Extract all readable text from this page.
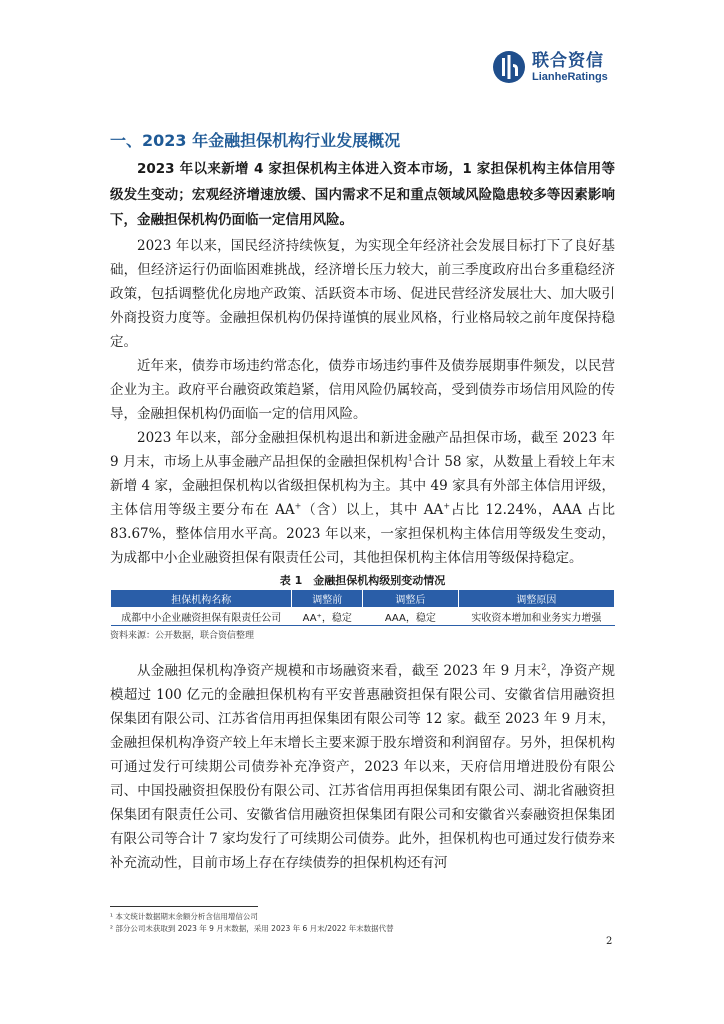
联合资信
LianheRatings
一、2023 年金融担保机构行业发展概况

2023 年以来新增 4 家担保机构主体进入资本市场，1 家担保机构主体信用等级发生变动；宏观经济增速放缓、国内需求不足和重点领域风险隐患较多等因素影响下，金融担保机构仍面临一定信用风险。

2023 年以来，国民经济持续恢复，为实现全年经济社会发展目标打下了良好基础，但经济运行仍面临困难挑战，经济增长压力较大，前三季度政府出台多重稳经济政策，包括调整优化房地产政策、活跃资本市场、促进民营经济发展壮大、加大吸引外商投资力度等。金融担保机构仍保持谨慎的展业风格，行业格局较之前年度保持稳定。

近年来，债券市场违约常态化，债券市场违约事件及债券展期事件频发，以民营企业为主。政府平台融资政策趋紧，信用风险仍属较高，受到债券市场信用风险的传导，金融担保机构仍面临一定的信用风险。

2023 年以来，部分金融担保机构退出和新进金融产品担保市场，截至 2023 年 9 月末，市场上从事金融产品担保的金融担保机构$^1$合计 58 家，从数量上看较上年末新增 4 家，金融担保机构以省级担保机构为主。其中 49 家具有外部主体信用评级，主体信用等级主要分布在 AA+（含）以上，其中 AA+占比 12.24%，AAA 占比 83.67%，整体信用水平高。2023 年以来，一家担保机构主体信用等级发生变动，为成都中小企业融资担保有限责任公司，其他担保机构主体信用等级保持稳定。

表 1　金融担保机构级别变动情况
担保机构名称	调整前	调整后	调整原因
成都中小企业融资担保有限责任公司	AA⁺，稳定	AAA，稳定	实收资本增加和业务实力增强
资料来源：公开数据，联合资信整理

从金融担保机构净资产规模和市场融资来看，截至 2023 年 9 月末$^2$，净资产规模超过 100 亿元的金融担保机构有平安普惠融资担保有限公司、安徽省信用融资担保集团有限公司、江苏省信用再担保集团有限公司等 12 家。截至 2023 年 9 月末，金融担保机构净资产较上年末增长主要来源于股东增资和利润留存。另外，担保机构可通过发行可续期公司债券补充净资产，2023 年以来，天府信用增进股份有限公司、中国投融资担保股份有限公司、江苏省信用再担保集团有限公司、湖北省融资担保集团有限责任公司、安徽省信用融资担保集团有限公司和安徽省兴泰融资担保集团有限公司等合计 7 家均发行了可续期公司债券。此外，担保机构也可通过发行债券来补充流动性，目前市场上存在存续债券的担保机构还有河

¹ 本文统计数据期末余额分析含信用增信公司
² 部分公司未获取到 2023 年 9 月末数据，采用 2023 年 6 月末/2022 年末数据代替
2
